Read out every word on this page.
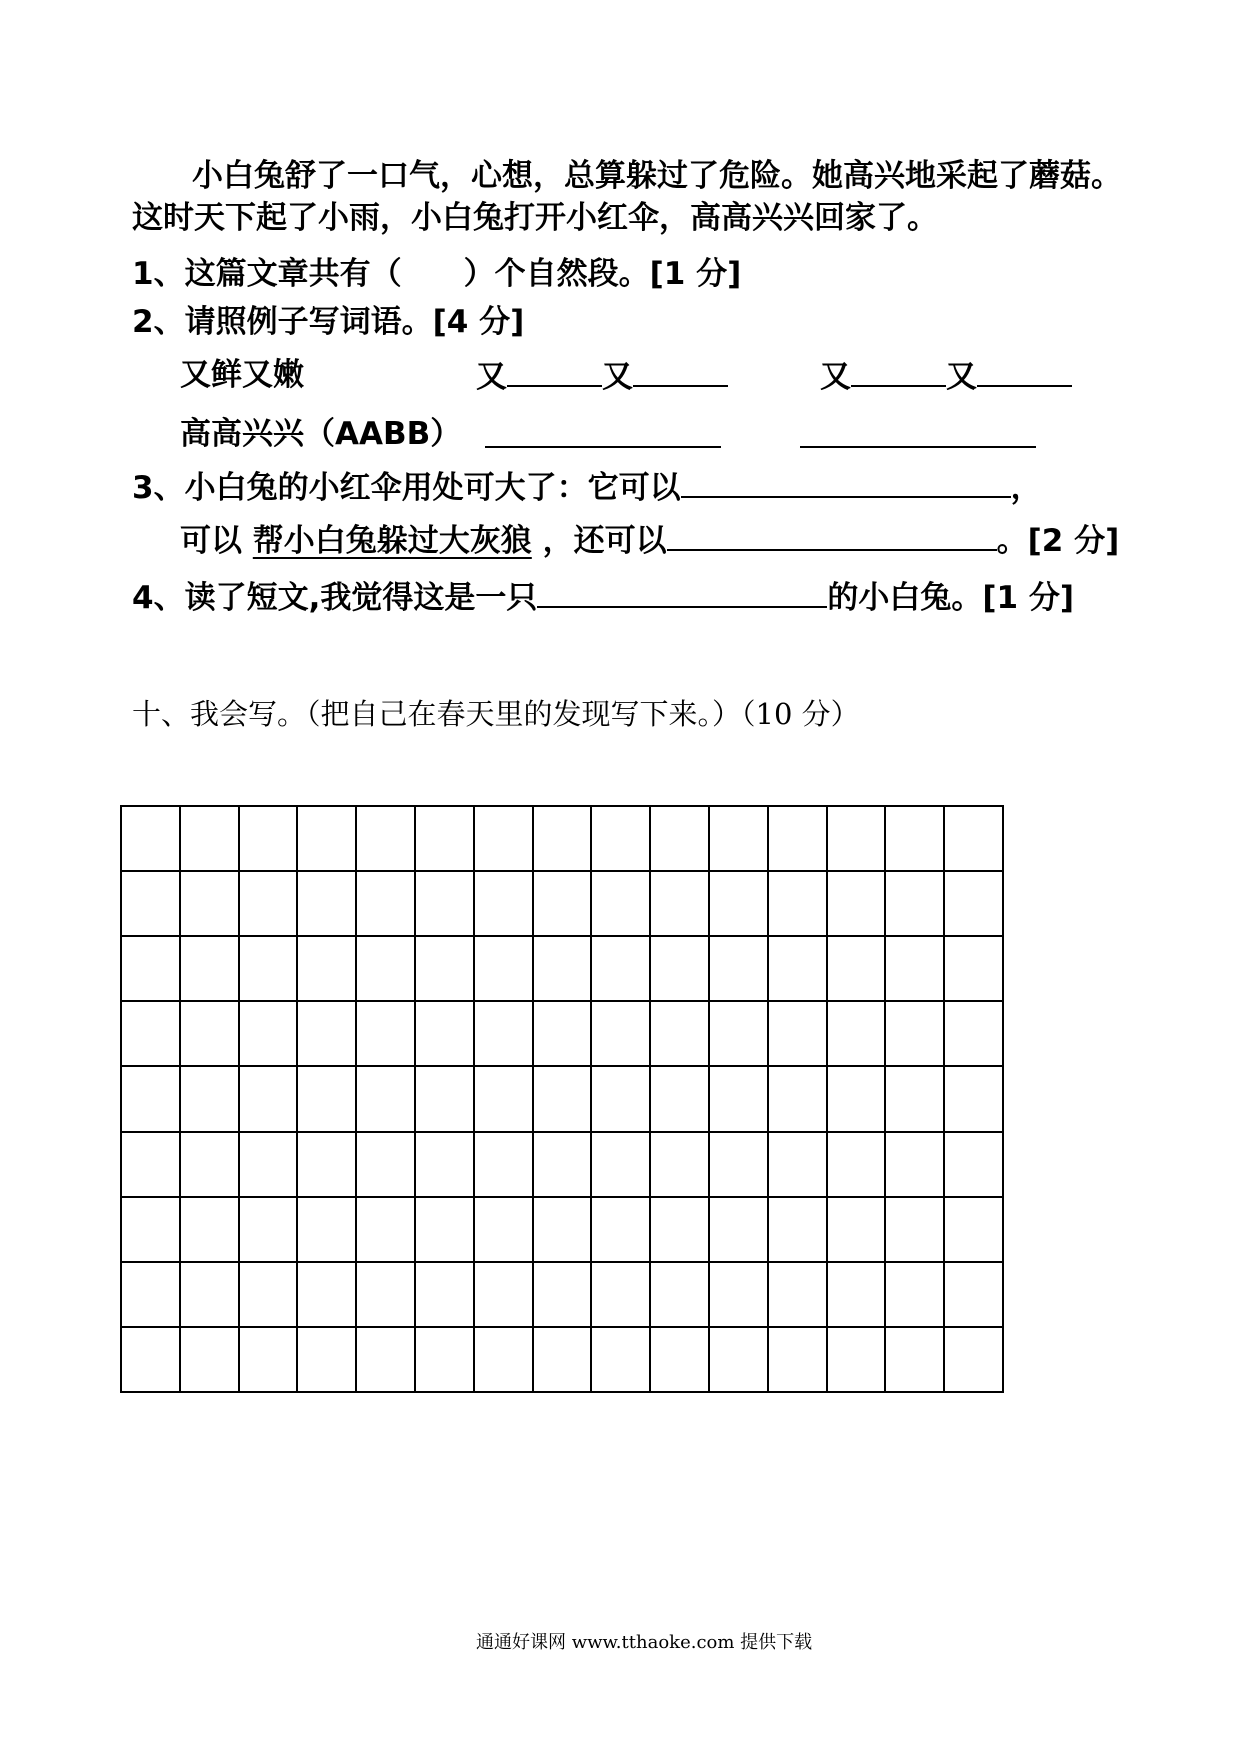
小白兔舒了一口气，心想，总算躲过了危险。她高兴地采起了蘑菇。
这时天下起了小雨，小白兔打开小红伞，高高兴兴回家了。
1、这篇文章共有（ ）个自然段。[1 分]
2、请照例子写词语。[4 分]
又鲜又嫩	又	又	又	又
高高兴兴（AABB）
3、小白兔的小红伞用处可大了：它可以	，
可以 帮小白兔躲过大灰狼 ，还可以	。[2 分]
4、读了短文,我觉得这是一只	的小白兔。[1 分]
十、我会写。（把自己在春天里的发现写下来。）（10 分）
通通好课网 www.tthaoke.com 提供下载
